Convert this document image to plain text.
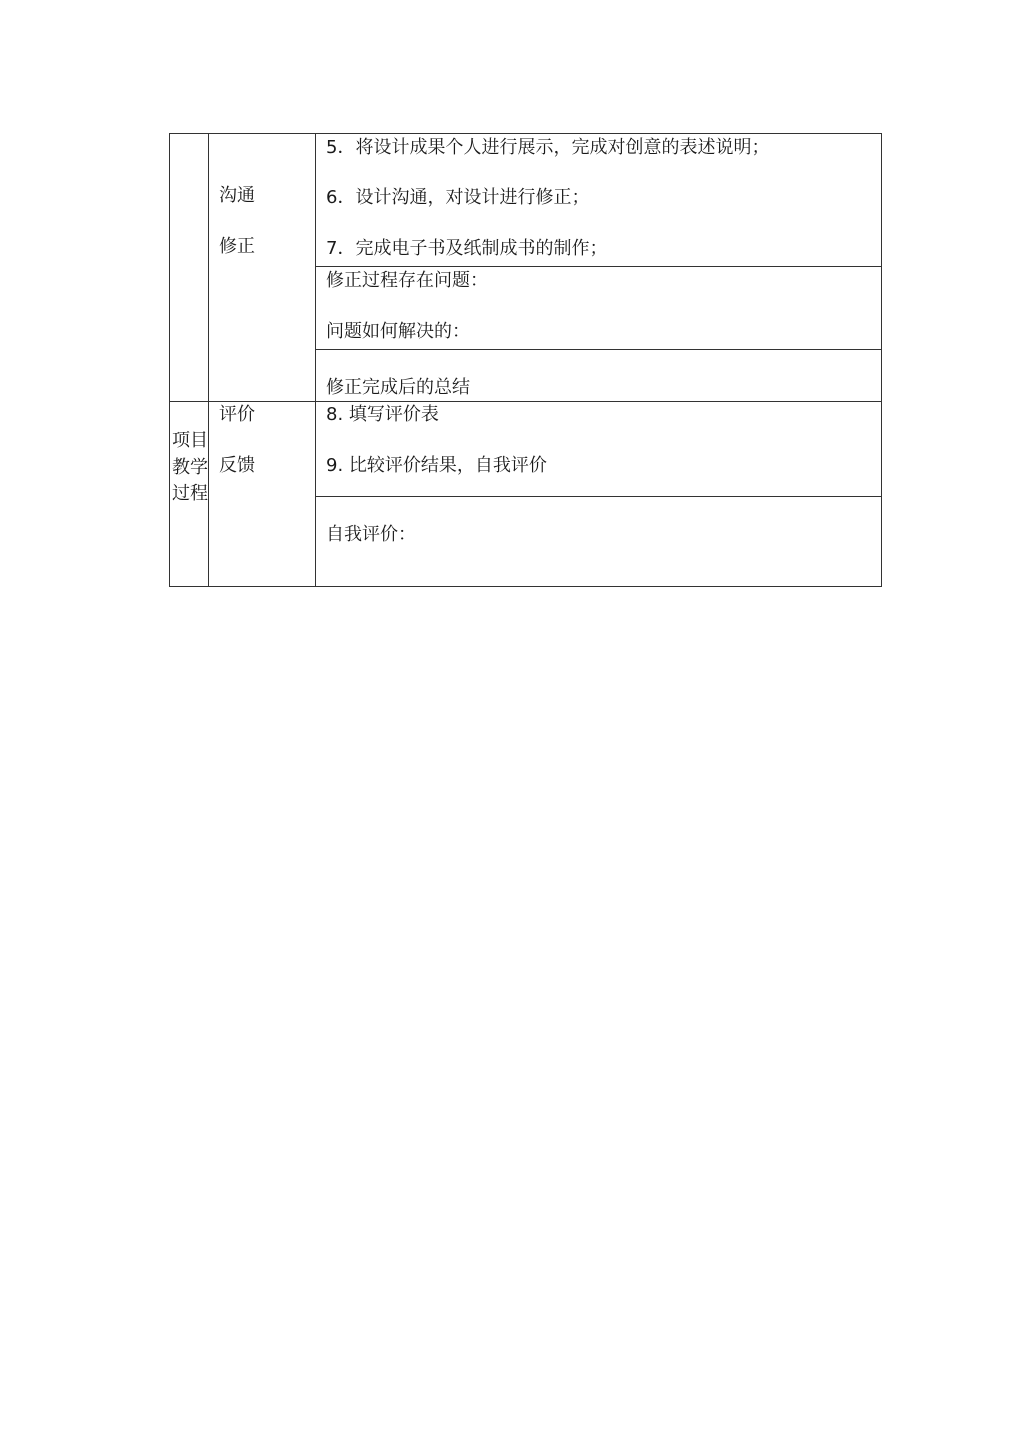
沟通
修正
5．将设计成果个人进行展示，完成对创意的表述说明；
6．设计沟通，对设计进行修正；
7．完成电子书及纸制成书的制作；
修正过程存在问题：
问题如何解决的：
修正完成后的总结
项目教学过程
评价
反馈
8. 填写评价表
9. 比较评价结果，自我评价
自我评价：
